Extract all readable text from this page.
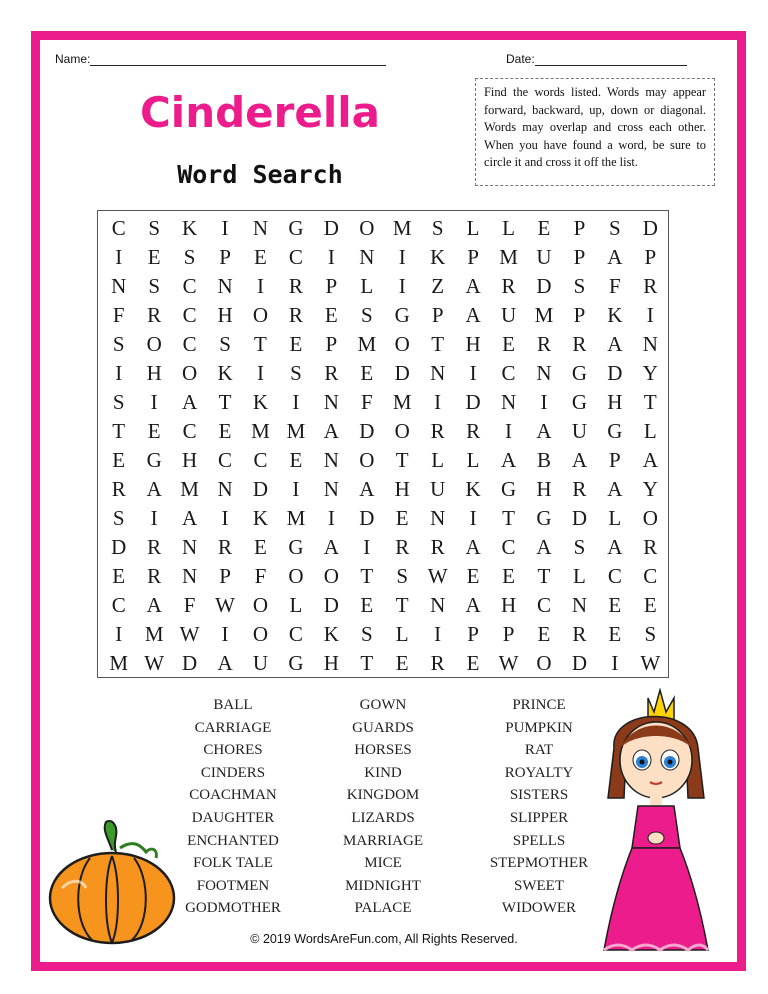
Name:	Date:
Cinderella
Word Search
Find the words listed. Words may appear forward, backward, up, down or diagonal. Words may overlap and cross each other. When you have found a word, be sure to circle it and cross it off the list.
C	S	K	I	N G D O M S	L	L	E	P	S	D
I	E	S	P	E	C	I	N	I	K	P M U	P	A	P
N	S	C N	I	R	P	L	I	Z	A R D	S	F	R
F	R	C H O R	E	S	G	P	A U M P	K	I
S	O C	S	T	E	P M O	T	H	E	R	R A N
I	H O K	I	S	R	E	D N	I	C N G D Y
S	I	A	T	K	I	N	F M	I	D N	I	G H	T
T	E	C	E M M A D O R	R	I	A U G	L
E	G H C	C	E	N O	T	L	L	A B A	P	A
R A M N D	I	N A H U K G H R A Y
S	I	A	I	K M	I	D	E	N	I	T	G D	L	O
D R N R	E	G A	I	R	R A C A	S	A R
E	R N	P	F	O O	T	S W E	E	T	L	C	C
C A	F W O	L	D	E	T	N A H C N	E	E
I	M W	I	O C K	S	L	I	P	P	E	R	E	S
M W D A U G H	T	E	R	E W O D	I	W
BALL
CARRIAGE
CHORES
CINDERS
COACHMAN
DAUGHTER
ENCHANTED
FOLK TALE
FOOTMEN
GODMOTHER
GOWN
GUARDS
HORSES
KIND
KINGDOM
LIZARDS
MARRIAGE
MICE
MIDNIGHT
PALACE
PRINCE
PUMPKIN
RAT
ROYALTY
SISTERS
SLIPPER
SPELLS
STEPMOTHER
SWEET
WIDOWER
© 2019 WordsAreFun.com, All Rights Reserved.
